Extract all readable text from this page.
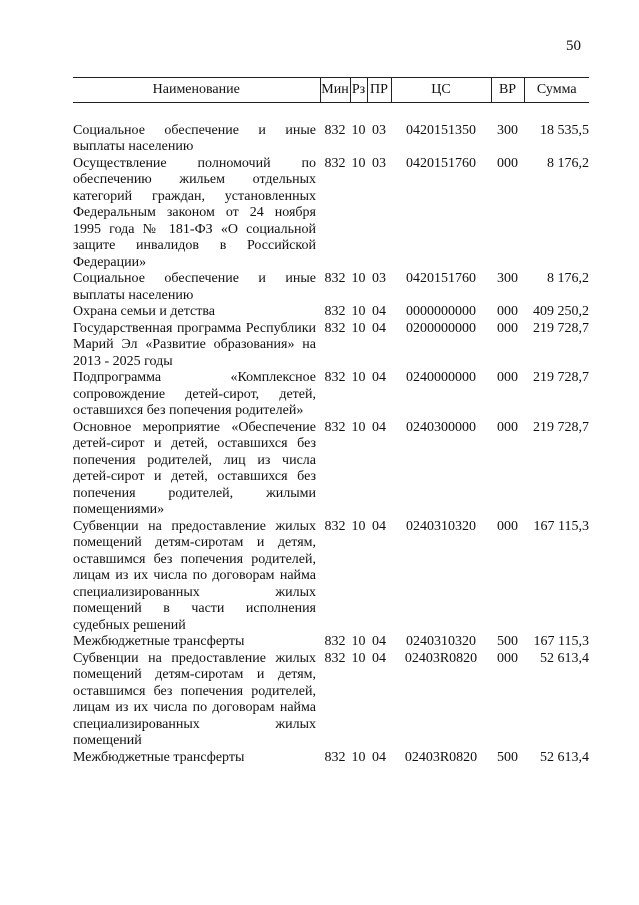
50
Наименование	Мин	Рз	ПР	ЦС	ВР	Сумма
Социальное обеспечение и иные выплаты населению	832	10	03	0420151350	300	18 535,5
Осуществление полномочий по обеспечению жильем отдельных категорий граждан, установленных Федеральным законом от 24 ноября 1995 года № 181-ФЗ «О социальной защите инвалидов в Российской Федерации»	832	10	03	0420151760	000	8 176,2
Социальное обеспечение и иные выплаты населению	832	10	03	0420151760	300	8 176,2
Охрана семьи и детства	832	10	04	0000000000	000	409 250,2
Государственная программа Республики Марий Эл «Развитие образования» на 2013 - 2025 годы	832	10	04	0200000000	000	219 728,7
Подпрограмма «Комплексное сопровождение детей-сирот, детей, оставшихся без попечения родителей»	832	10	04	0240000000	000	219 728,7
Основное мероприятие «Обеспечение детей-сирот и детей, оставшихся без попечения родителей, лиц из числа детей-сирот и детей, оставшихся без попечения родителей, жилыми помещениями»	832	10	04	0240300000	000	219 728,7
Субвенции на предоставление жилых помещений детям-сиротам и детям, оставшимся без попечения родителей, лицам из их числа по договорам найма специализированных жилых помещений в части исполнения судебных решений	832	10	04	0240310320	000	167 115,3
Межбюджетные трансферты	832	10	04	0240310320	500	167 115,3
Субвенции на предоставление жилых помещений детям-сиротам и детям, оставшимся без попечения родителей, лицам из их числа по договорам найма специализированных жилых помещений	832	10	04	02403R0820	000	52 613,4
Межбюджетные трансферты	832	10	04	02403R0820	500	52 613,4
